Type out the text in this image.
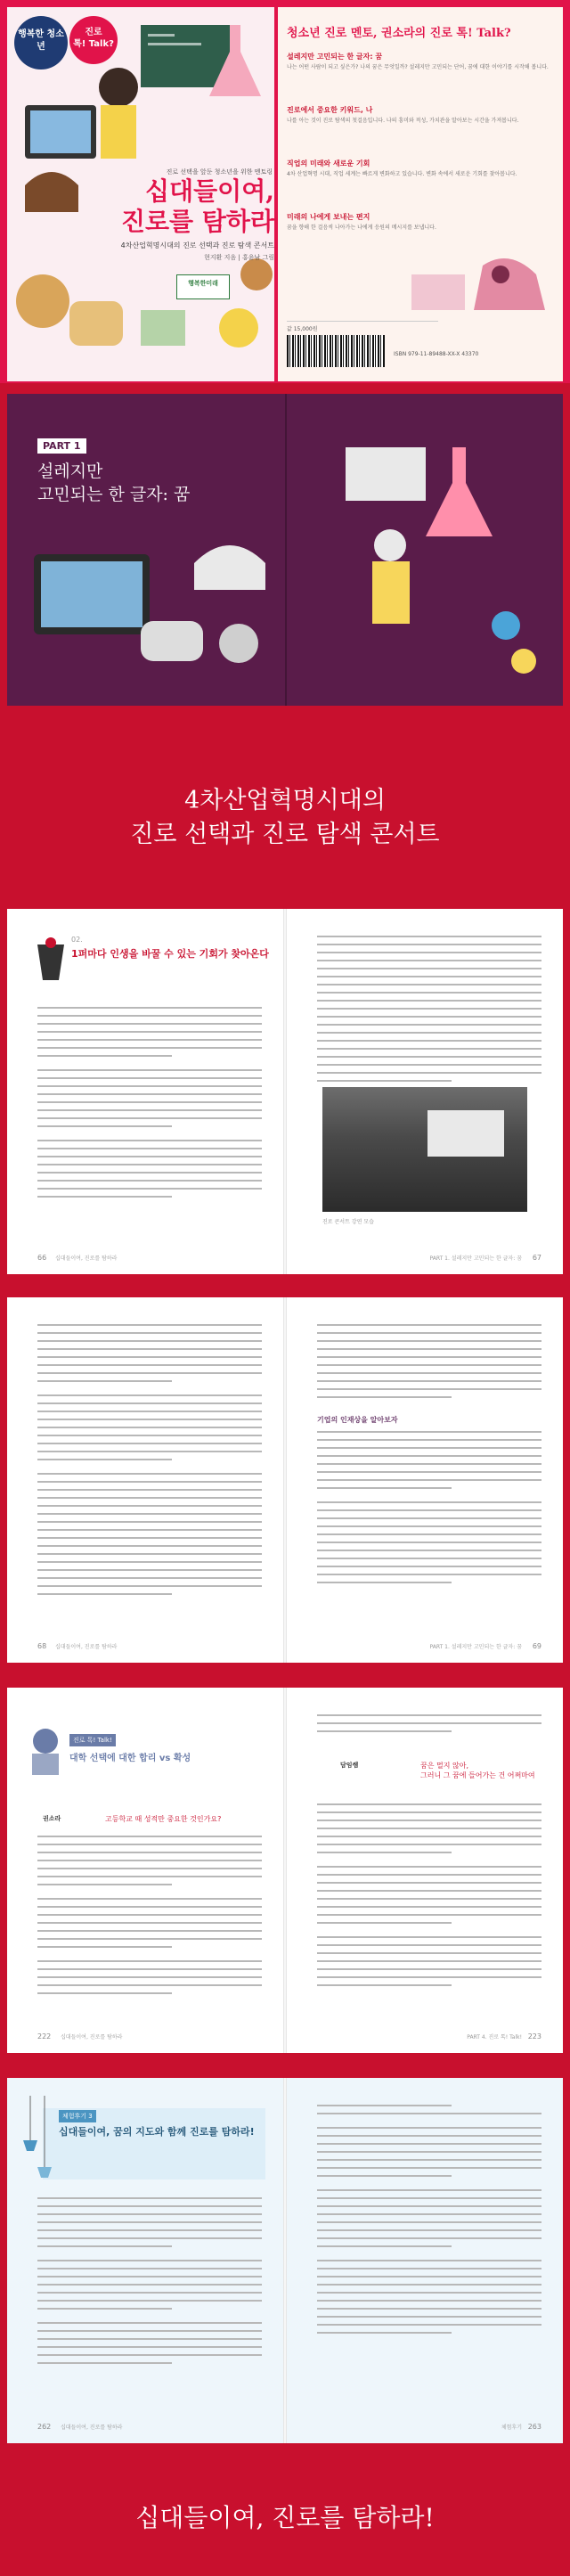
행복한 청소년
진로
톡! Talk?
진로 선택을 앞둔 청소년을 위한 멘토링
십대들이여,
진로를 탐하라
4차산업혁명시대의 진로 선택과 진로 탐색 콘서트
현지환 지음 | 홍윤남 그림
행복한미래
청소년 진로 멘토, 권소라의 진로 톡! Talk?
설레지만 고민되는 한 글자: 꿈
나는 어떤 사람이 되고 싶은가? 나의 꿈은 무엇일까? 설레지만 고민되는 단어, 꿈에 대한 이야기를 시작해 봅니다.
진로에서 중요한 키워드, 나
나를 아는 것이 진로 탐색의 첫걸음입니다. 나의 흥미와 적성, 가치관을 알아보는 시간을 가져봅니다.
직업의 미래와 새로운 기회
4차 산업혁명 시대, 직업 세계는 빠르게 변화하고 있습니다. 변화 속에서 새로운 기회를 찾아봅니다.
미래의 나에게 보내는 편지
꿈을 향해 한 걸음씩 나아가는 나에게 응원의 메시지를 보냅니다.
값 15,000원
ISBN 979-11-89488-XX-X 43370
PART 1
설레지만
고민되는 한 글자: 꿈
4차산업혁명시대의
진로 선택과 진로 탐색 콘서트
02.
1퍼마다 인생을 바꿀 수 있는 기회가 찾아온다
66 십대들이여, 진로를 탐하라
진로 콘서트 강연 모습
PART 1. 설레지만 고민되는 한 글자: 꿈 67
68 십대들이여, 진로를 탐하라
기업의 인재상을 알아보자
PART 1. 설레지만 고민되는 한 글자: 꿈 69
진로 톡! Talk!
대학 선택에 대한 합리 vs 확성
권소라	고등학교 때 성적만 중요한 것인가요?
222 십대들이여, 진로를 탐하라
담임쌤	꿈은 멀지 않아,
그러니 그 꿈에 들어가는 건 어쩌마여
PART 4. 진로 톡! Talk! 223
체험후기 3
십대들이여, 꿈의 지도와 함께 진로를 탐하라!
262 십대들이여, 진로를 탐하라	체험후기 263
십대들이여, 진로를 탐하라!
